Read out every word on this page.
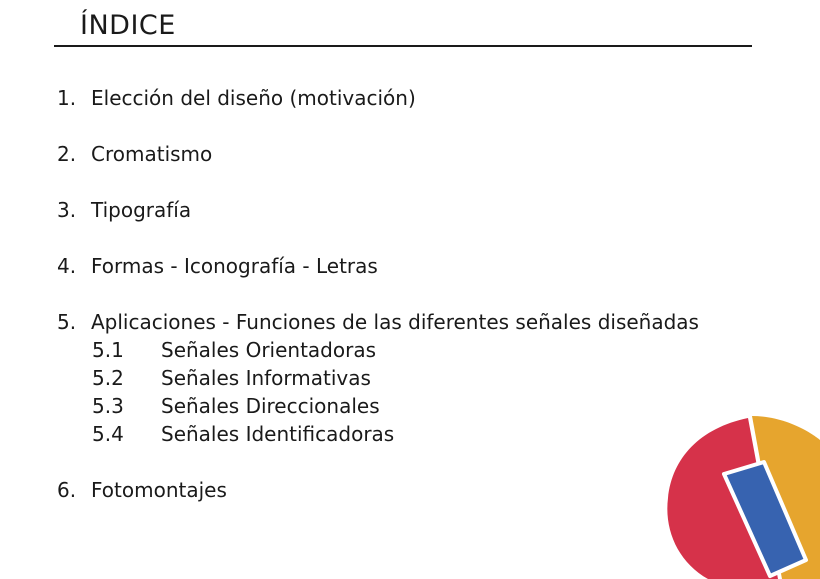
ÍNDICE
1. Elección del diseño (motivación)
2. Cromatismo
3. Tipografía
4. Formas - Iconografía - Letras
5. Aplicaciones - Funciones de las diferentes señales diseñadas
5.1 Señales Orientadoras
5.2 Señales Informativas
5.3 Señales Direccionales
5.4 Señales Identificadoras
6. Fotomontajes
